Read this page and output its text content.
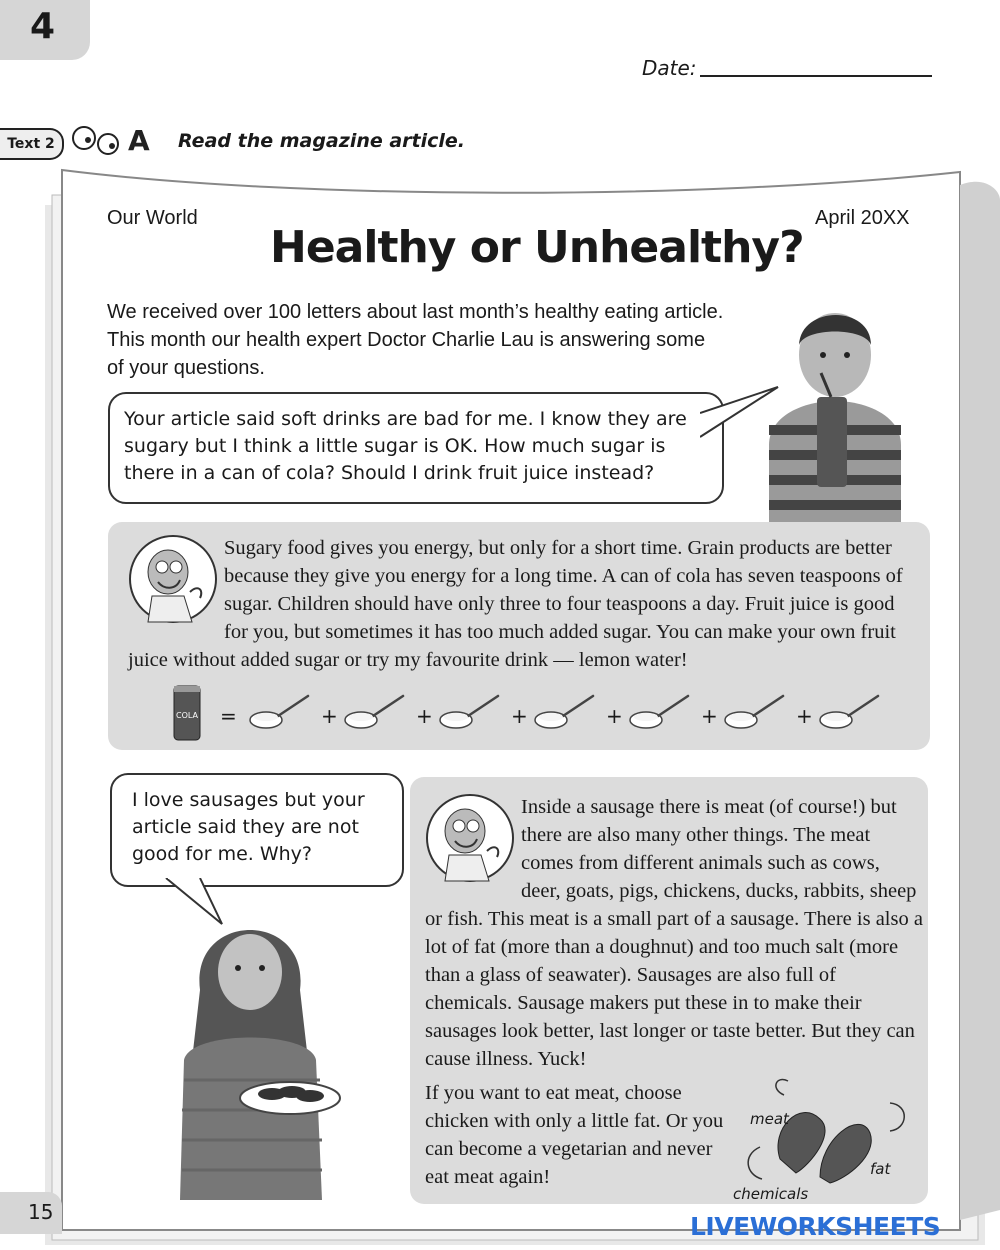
4
Date:
Text 2	A Read the magazine article.
Our World	April 20XX
Healthy or Unhealthy?
We received over 100 letters about last month’s healthy eating article. This month our health expert Doctor Charlie Lau is answering some of your questions.
Your article said soft drinks are bad for me. I know they are sugary but I think a little sugar is OK. How much sugar is there in a can of cola? Should I drink fruit juice instead?
Sugary food gives you energy, but only for a short time. Grain products are better because they give you energy for a long time. A can of cola has seven teaspoons of sugar. Children should have only three to four teaspoons a day. Fruit juice is good for you, but sometimes it has too much added sugar. You can make your own fruit juice without added sugar or try my favourite drink — lemon water!
COLA =	+	+	+	+	+	+
I love sausages but your article said they are not good for me. Why?
Inside a sausage there is meat (of course!) but there are also many other things. The meat comes from different animals such as cows, deer, goats, pigs, chickens, ducks, rabbits, sheep or fish. This meat is a small part of a sausage. There is also a lot of fat (more than a doughnut) and too much salt (more than a glass of seawater). Sausages are also full of chemicals. Sausage makers put these in to make their sausages look better, last longer or taste better. But they can cause illness. Yuck!
If you want to eat meat, choose chicken with only a little fat. Or you can become a vegetarian and never eat meat again!
meat
fat
chemicals
15	LIVEWORKSHEETS
